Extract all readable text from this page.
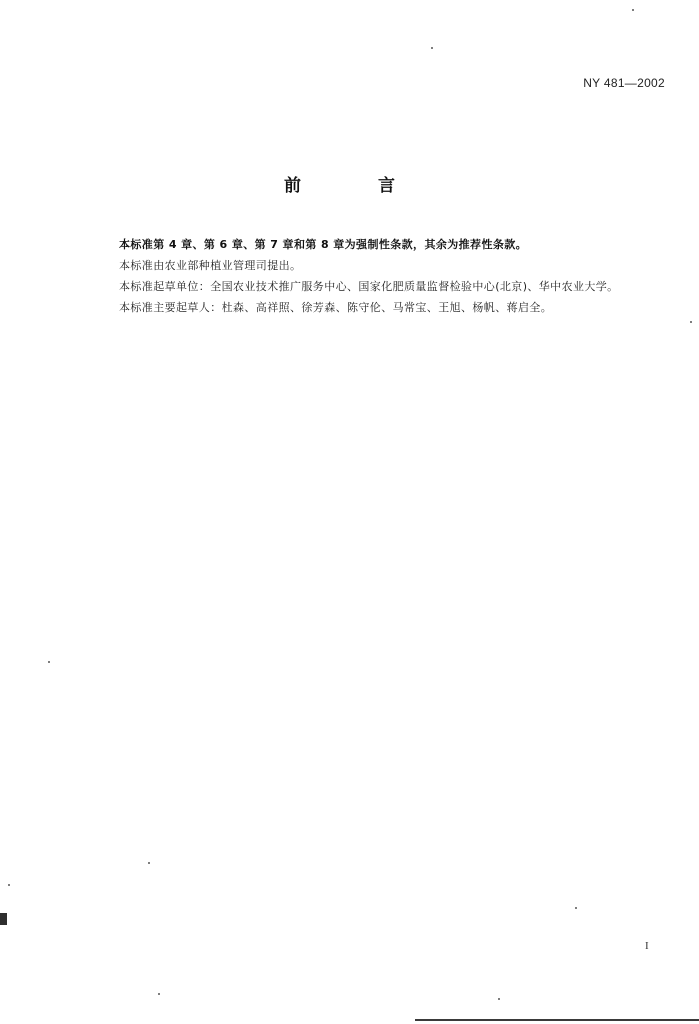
NY 481—2002
前　言
本标准第 4 章、第 6 章、第 7 章和第 8 章为强制性条款，其余为推荐性条款。
本标准由农业部种植业管理司提出。
本标准起草单位：全国农业技术推广服务中心、国家化肥质量监督检验中心(北京)、华中农业大学。
本标准主要起草人：杜森、高祥照、徐芳森、陈守伦、马常宝、王旭、杨帆、蒋启全。
I
